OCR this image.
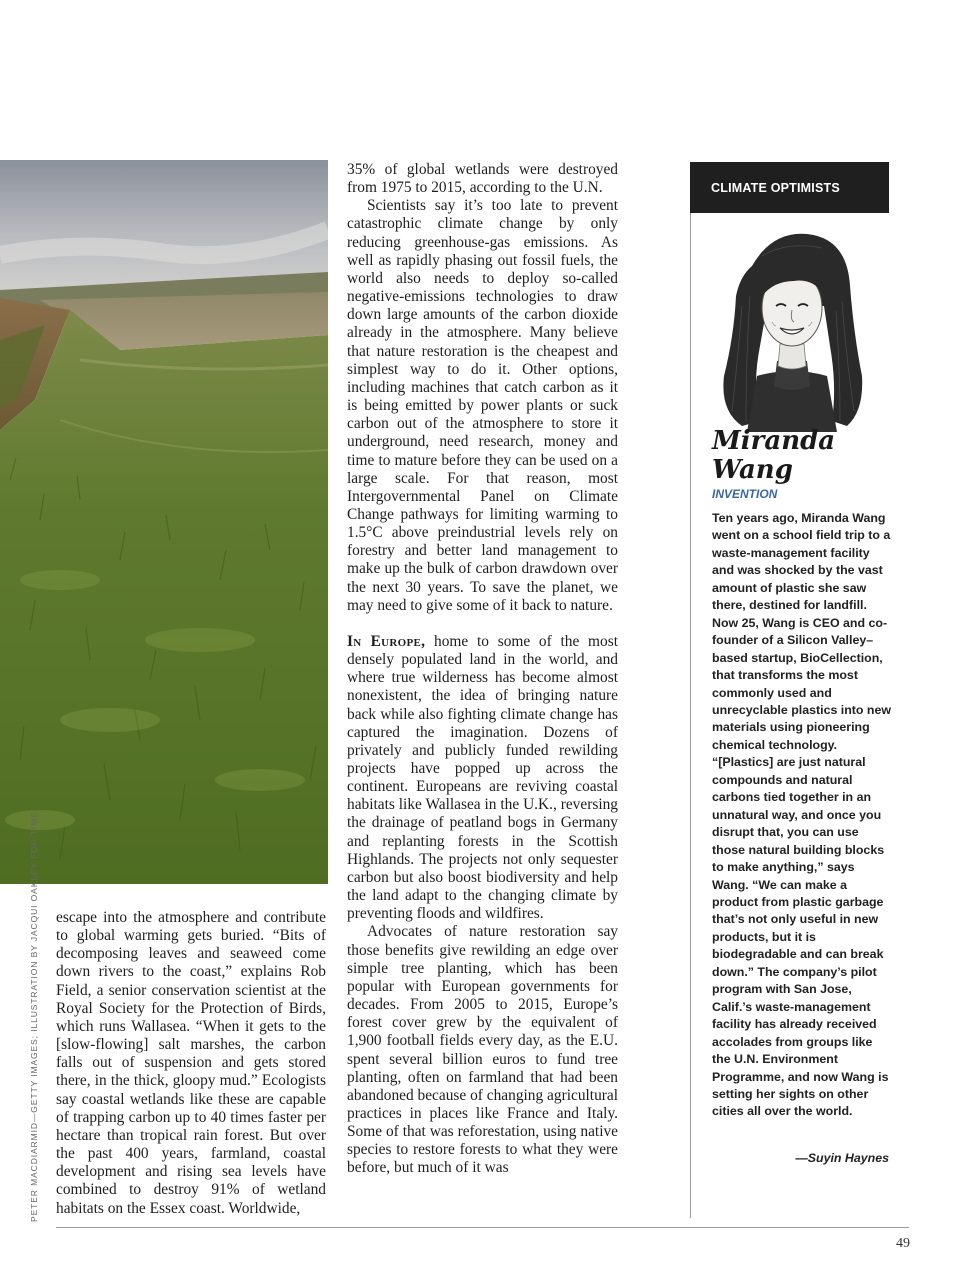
PETER MACDIARMID—GETTY IMAGES; ILLUSTRATION BY JACQUI OAKLEY FOR TIME escape into the atmosphere and contribute to global warming gets buried. “Bits of decomposing leaves and seaweed come down rivers to the coast,” explains Rob Field, a senior conservation scientist at the Royal Society for the Protection of Birds, which runs Wallasea. “When it gets to the [slow-flowing] salt marshes, the carbon falls out of suspension and gets stored there, in the thick, gloopy mud.” Ecologists say coastal wetlands like these are capable of trapping carbon up to 40 times faster per hectare than tropical rain forest. But over the past 400 years, farmland, coastal development and rising sea levels have combined to destroy 91% of wetland habitats on the Essex coast. Worldwide,

35% of global wetlands were destroyed from 1975 to 2015, according to the U.N.

Scientists say it’s too late to prevent catastrophic climate change by only reducing greenhouse-gas emissions. As well as rapidly phasing out fossil fuels, the world also needs to deploy so-called negative-emissions technologies to draw down large amounts of the carbon dioxide already in the atmosphere. Many believe that nature restoration is the cheapest and simplest way to do it. Other options, including machines that catch carbon as it is being emitted by power plants or suck carbon out of the atmosphere to store it underground, need research, money and time to mature before they can be used on a large scale. For that reason, most Intergovernmental Panel on Climate Change pathways for limiting warming to 1.5°C above preindustrial levels rely on forestry and better land management to make up the bulk of carbon drawdown over the next 30 years. To save the planet, we may need to give some of it back to nature.

In Europe, home to some of the most densely populated land in the world, and where true wilderness has become almost nonexistent, the idea of bringing nature back while also fighting climate change has captured the imagination. Dozens of privately and publicly funded rewilding projects have popped up across the continent. Europeans are reviving coastal habitats like Wallasea in the U.K., reversing the drainage of peatland bogs in Germany and replanting forests in the Scottish Highlands. The projects not only sequester carbon but also boost biodiversity and help the land adapt to the changing climate by preventing floods and wildfires.

Advocates of nature restoration say those benefits give rewilding an edge over simple tree planting, which has been popular with European governments for decades. From 2005 to 2015, Europe’s forest cover grew by the equivalent of 1,900 football fields every day, as the E.U. spent several billion euros to fund tree planting, often on farmland that had been abandoned because of changing agricultural practices in places like France and Italy. Some of that was reforestation, using native species to restore forests to what they were before, but much of it was

CLIMATE OPTIMISTS
Miranda
Wang
INVENTION
Ten years ago, Miranda Wang went on a school field trip to a waste-management facility and was shocked by the vast amount of plastic she saw there, destined for landfill. Now 25, Wang is CEO and co-founder of a Silicon Valley–based startup, BioCellection, that transforms the most commonly used and unrecyclable plastics into new materials using pioneering chemical technology. “[Plastics] are just natural compounds and natural carbons tied together in an unnatural way, and once you disrupt that, you can use those natural building blocks to make anything,” says Wang. “We can make a product from plastic garbage that’s not only useful in new products, but it is biodegradable and can break down.” The company’s pilot program with San Jose, Calif.’s waste-management facility has already received accolades from groups like the U.N. Environment Programme, and now Wang is setting her sights on other cities all over the world.
—Suyin Haynes
49
